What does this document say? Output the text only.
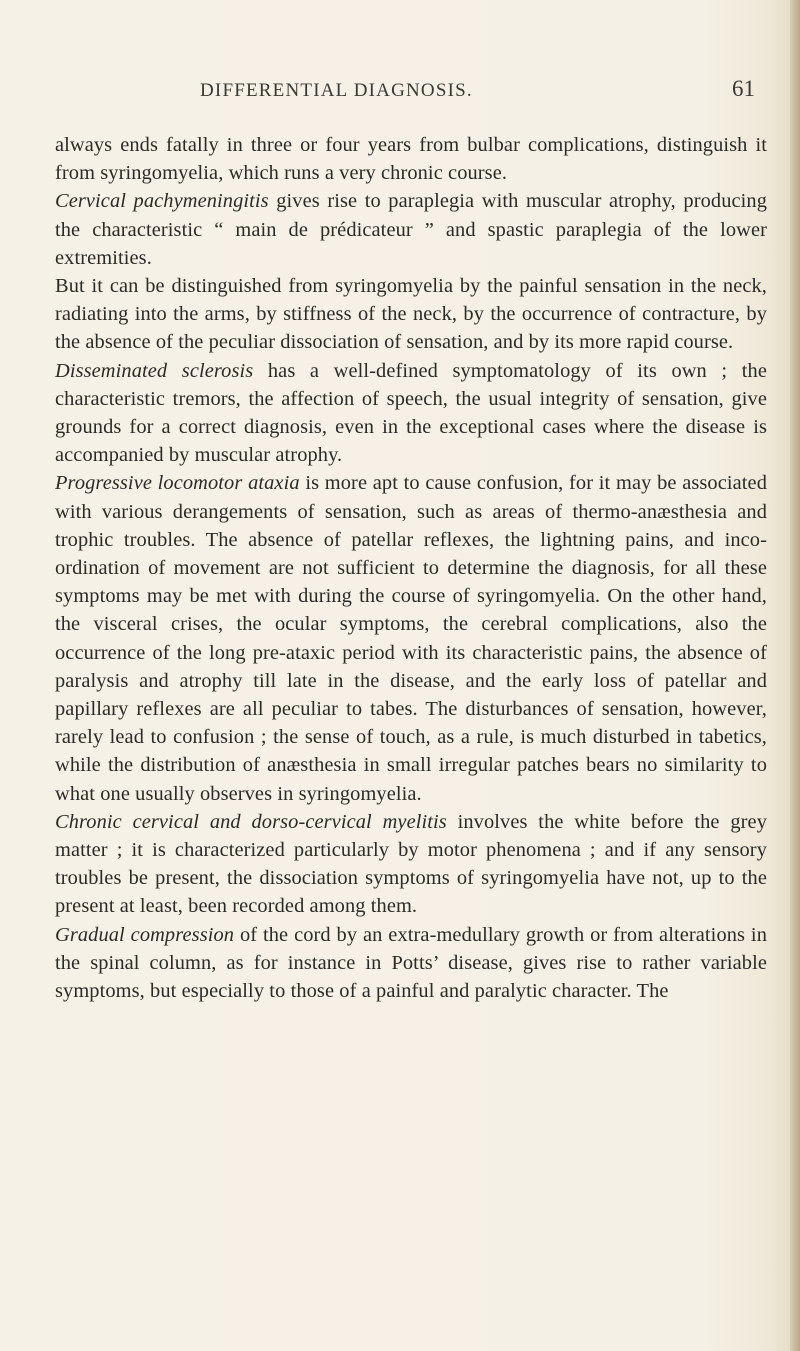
DIFFERENTIAL DIAGNOSIS.	61

always ends fatally in three or four years from bulbar complications, distinguish it from syringomyelia, which runs a very chronic course.

Cervical pachymeningitis gives rise to paraplegia with muscular atrophy, producing the characteristic “ main de prédicateur ” and spastic paraplegia of the lower extremities.

But it can be distinguished from syringomyelia by the painful sensation in the neck, radiating into the arms, by stiffness of the neck, by the occurrence of contracture, by the absence of the peculiar dissociation of sensation, and by its more rapid course.

Disseminated sclerosis has a well-defined symptomatology of its own ; the characteristic tremors, the affection of speech, the usual integrity of sensation, give grounds for a correct diagnosis, even in the exceptional cases where the disease is accompanied by muscular atrophy.

Progressive locomotor ataxia is more apt to cause confusion, for it may be associated with various derangements of sensation, such as areas of thermo-anæsthesia and trophic troubles. The absence of patellar reflexes, the lightning pains, and inco-ordination of movement are not sufficient to determine the diagnosis, for all these symptoms may be met with during the course of syringomyelia. On the other hand, the visceral crises, the ocular symptoms, the cerebral complications, also the occurrence of the long pre-ataxic period with its characteristic pains, the absence of paralysis and atrophy till late in the disease, and the early loss of patellar and papillary reflexes are all peculiar to tabes. The disturbances of sensation, however, rarely lead to confusion ; the sense of touch, as a rule, is much disturbed in tabetics, while the distribution of anæsthesia in small irregular patches bears no similarity to what one usually observes in syringomyelia.

Chronic cervical and dorso-cervical myelitis involves the white before the grey matter ; it is characterized particularly by motor phenomena ; and if any sensory troubles be present, the dissociation symptoms of syringomyelia have not, up to the present at least, been recorded among them.

Gradual compression of the cord by an extra-medullary growth or from alterations in the spinal column, as for instance in Potts’ disease, gives rise to rather variable symptoms, but especially to those of a painful and paralytic character. The
